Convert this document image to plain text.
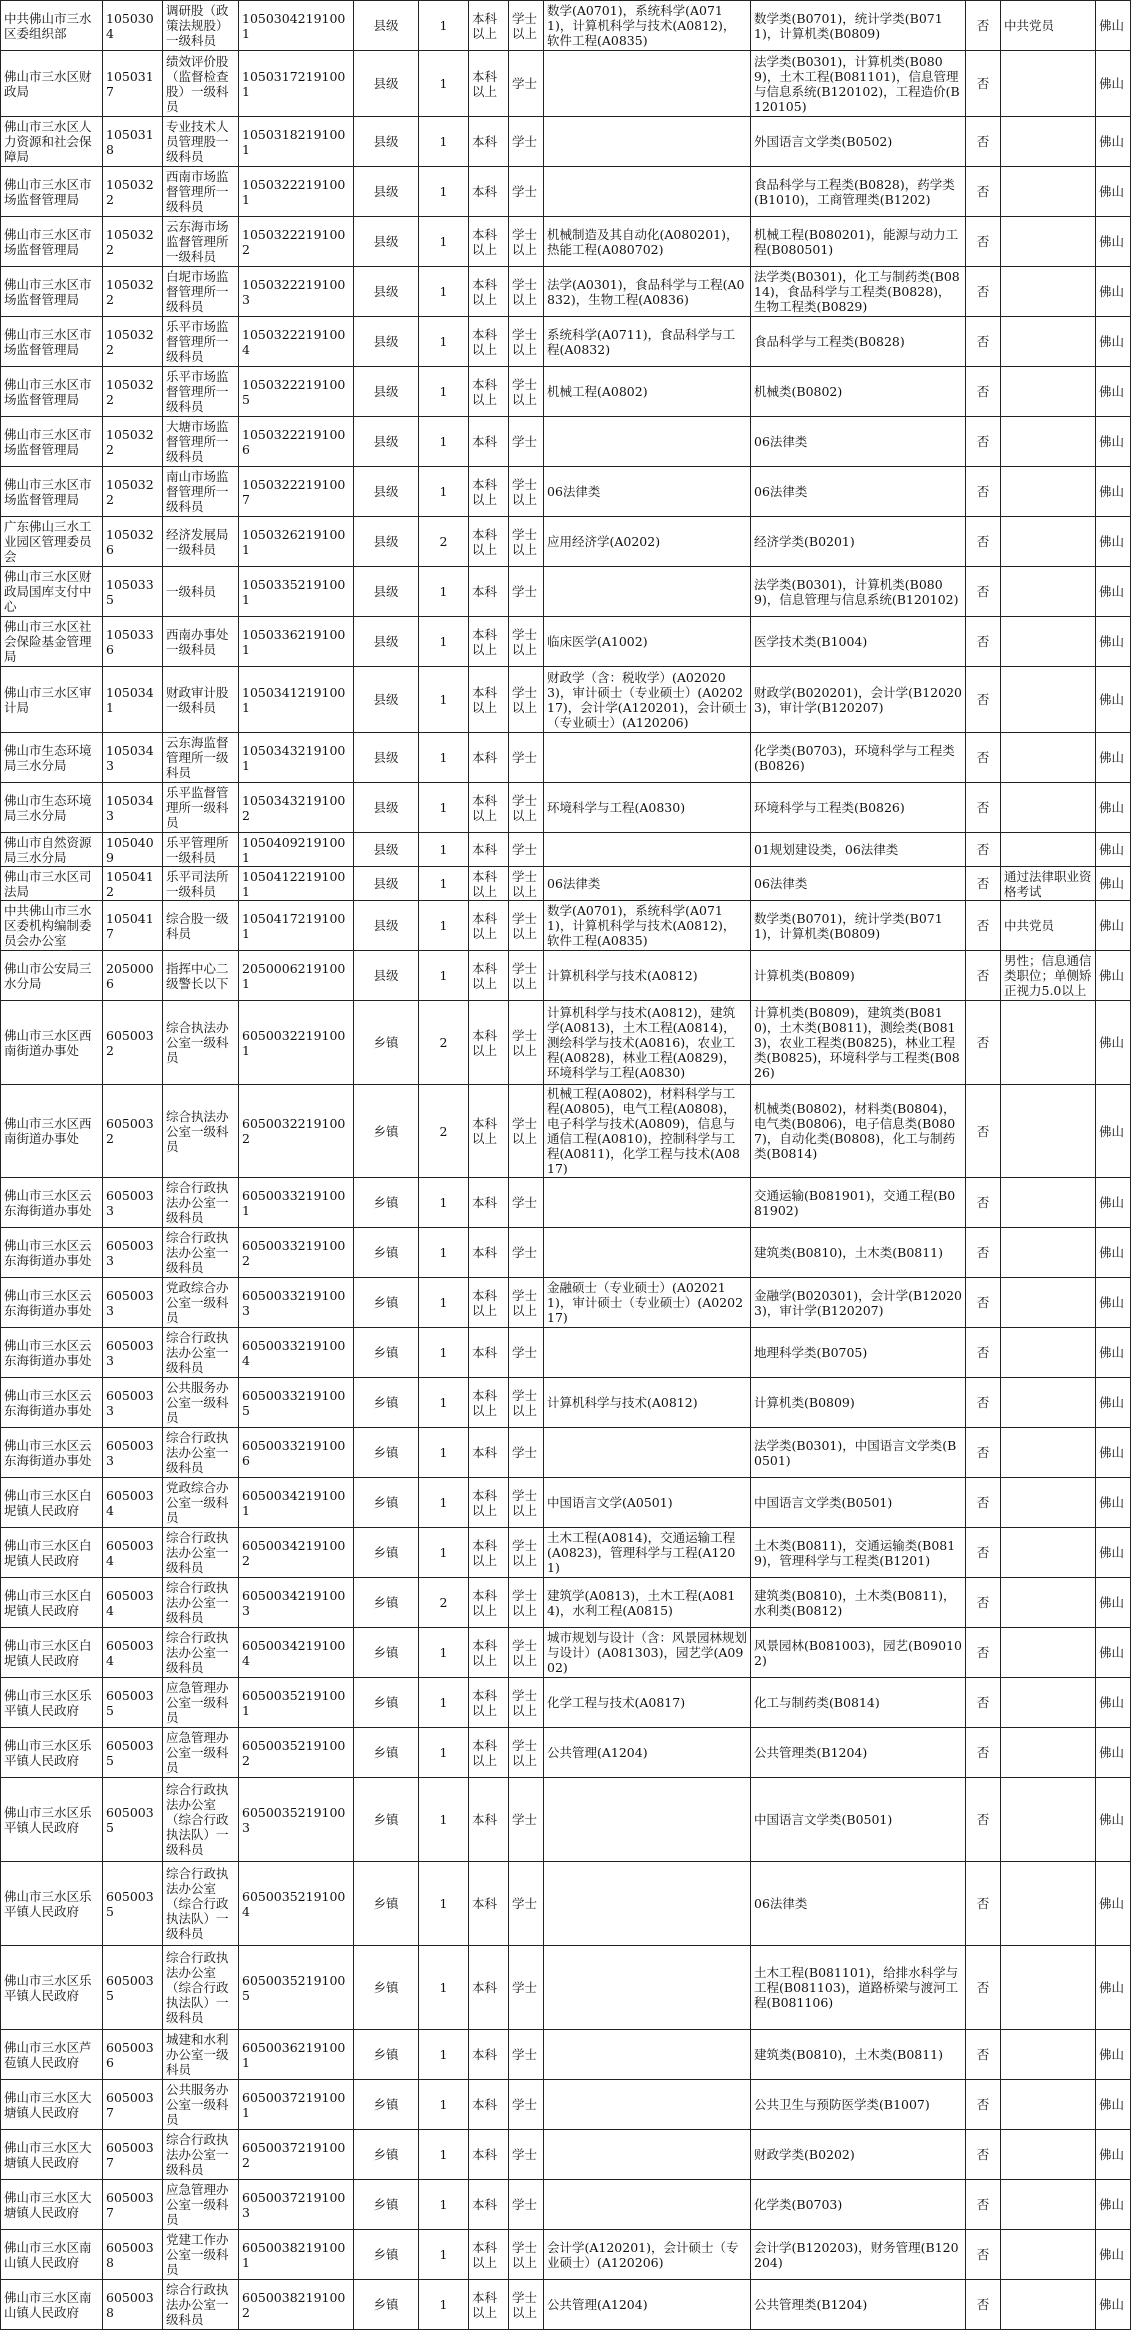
中共佛山市三水区委组织部	1050304	调研股（政策法规股）一级科员	10503042191001	县级	1	本科以上	学士以上	数学(A0701)，系统科学(A0711)，计算机科学与技术(A0812)，软件工程(A0835)	数学类(B0701)，统计学类(B0711)，计算机类(B0809)	否	中共党员	佛山
佛山市三水区财政局	1050317	绩效评价股（监督检查股）一级科员	10503172191001	县级	1	本科以上	学士		法学类(B0301)，计算机类(B0809)，土木工程(B081101)，信息管理与信息系统(B120102)，工程造价(B120105)	否		佛山
佛山市三水区人力资源和社会保障局	1050318	专业技术人员管理股一级科员	10503182191001	县级	1	本科	学士		外国语言文学类(B0502)	否		佛山
佛山市三水区市场监督管理局	1050322	西南市场监督管理所一级科员	10503222191001	县级	1	本科	学士		食品科学与工程类(B0828)，药学类(B1010)，工商管理类(B1202)	否		佛山
佛山市三水区市场监督管理局	1050322	云东海市场监督管理所一级科员	10503222191002	县级	1	本科以上	学士以上	机械制造及其自动化(A080201)，热能工程(A080702)	机械工程(B080201)，能源与动力工程(B080501)	否		佛山
佛山市三水区市场监督管理局	1050322	白坭市场监督管理所一级科员	10503222191003	县级	1	本科以上	学士以上	法学(A0301)，食品科学与工程(A0832)，生物工程(A0836)	法学类(B0301)，化工与制药类(B0814)，食品科学与工程类(B0828)，生物工程类(B0829)	否		佛山
佛山市三水区市场监督管理局	1050322	乐平市场监督管理所一级科员	10503222191004	县级	1	本科以上	学士以上	系统科学(A0711)，食品科学与工程(A0832)	食品科学与工程类(B0828)	否		佛山
佛山市三水区市场监督管理局	1050322	乐平市场监督管理所一级科员	10503222191005	县级	1	本科以上	学士以上	机械工程(A0802)	机械类(B0802)	否		佛山
佛山市三水区市场监督管理局	1050322	大塘市场监督管理所一级科员	10503222191006	县级	1	本科	学士		06法律类	否		佛山
佛山市三水区市场监督管理局	1050322	南山市场监督管理所一级科员	10503222191007	县级	1	本科以上	学士以上	06法律类	06法律类	否		佛山
广东佛山三水工业园区管理委员会	1050326	经济发展局一级科员	10503262191001	县级	2	本科以上	学士以上	应用经济学(A0202)	经济学类(B0201)	否		佛山
佛山市三水区财政局国库支付中心	1050335	一级科员	10503352191001	县级	1	本科	学士		法学类(B0301)，计算机类(B0809)，信息管理与信息系统(B120102)	否		佛山
佛山市三水区社会保险基金管理局	1050336	西南办事处一级科员	10503362191001	县级	1	本科以上	学士以上	临床医学(A1002)	医学技术类(B1004)	否		佛山
佛山市三水区审计局	1050341	财政审计股一级科员	10503412191001	县级	1	本科以上	学士以上	财政学（含：税收学）(A020203)，审计硕士（专业硕士）(A020217)，会计学(A120201)，会计硕士（专业硕士）(A120206)	财政学(B020201)，会计学(B120203)，审计学(B120207)	否		佛山
佛山市生态环境局三水分局	1050343	云东海监督管理所一级科员	10503432191001	县级	1	本科	学士		化学类(B0703)，环境科学与工程类(B0826)	否		佛山
佛山市生态环境局三水分局	1050343	乐平监督管理所一级科员	10503432191002	县级	1	本科以上	学士以上	环境科学与工程(A0830)	环境科学与工程类(B0826)	否		佛山
佛山市自然资源局三水分局	1050409	乐平管理所一级科员	10504092191001	县级	1	本科	学士		01规划建设类，06法律类	否		佛山
佛山市三水区司法局	1050412	乐平司法所一级科员	10504122191001	县级	1	本科以上	学士以上	06法律类	06法律类	否	通过法律职业资格考试	佛山
中共佛山市三水区委机构编制委员会办公室	1050417	综合股一级科员	10504172191001	县级	1	本科以上	学士以上	数学(A0701)，系统科学(A0711)，计算机科学与技术(A0812)，软件工程(A0835)	数学类(B0701)，统计学类(B0711)，计算机类(B0809)	否	中共党员	佛山
佛山市公安局三水分局	2050006	指挥中心二级警长以下	20500062191001	县级	1	本科以上	学士以上	计算机科学与技术(A0812)	计算机类(B0809)	否	男性；信息通信类职位；单侧矫正视力5.0以上	佛山
佛山市三水区西南街道办事处	6050032	综合执法办公室一级科员	60500322191001	乡镇	2	本科以上	学士以上	计算机科学与技术(A0812)，建筑学(A0813)，土木工程(A0814)，测绘科学与技术(A0816)，农业工程(A0828)，林业工程(A0829)，环境科学与工程(A0830)	计算机类(B0809)，建筑类(B0810)，土木类(B0811)，测绘类(B0813)，农业工程类(B0825)，林业工程类(B0825)，环境科学与工程类(B0826)	否		佛山
佛山市三水区西南街道办事处	6050032	综合执法办公室一级科员	60500322191002	乡镇	2	本科以上	学士以上	机械工程(A0802)，材料科学与工程(A0805)，电气工程(A0808)，电子科学与技术(A0809)，信息与通信工程(A0810)，控制科学与工程(A0811)，化学工程与技术(A0817)	机械类(B0802)，材料类(B0804)，电气类(B0806)，电子信息类(B0807)，自动化类(B0808)，化工与制药类(B0814)	否		佛山
佛山市三水区云东海街道办事处	6050033	综合行政执法办公室一级科员	60500332191001	乡镇	1	本科	学士		交通运输(B081901)，交通工程(B081902)	否		佛山
佛山市三水区云东海街道办事处	6050033	综合行政执法办公室一级科员	60500332191002	乡镇	1	本科	学士		建筑类(B0810)，土木类(B0811)	否		佛山
佛山市三水区云东海街道办事处	6050033	党政综合办公室一级科员	60500332191003	乡镇	1	本科以上	学士以上	金融硕士（专业硕士）(A020211)，审计硕士（专业硕士）(A020217)	金融学(B020301)，会计学(B120203)，审计学(B120207)	否		佛山
佛山市三水区云东海街道办事处	6050033	综合行政执法办公室一级科员	60500332191004	乡镇	1	本科	学士		地理科学类(B0705)	否		佛山
佛山市三水区云东海街道办事处	6050033	公共服务办公室一级科员	60500332191005	乡镇	1	本科以上	学士以上	计算机科学与技术(A0812)	计算机类(B0809)	否		佛山
佛山市三水区云东海街道办事处	6050033	综合行政执法办公室一级科员	60500332191006	乡镇	1	本科	学士		法学类(B0301)，中国语言文学类(B0501)	否		佛山
佛山市三水区白坭镇人民政府	6050034	党政综合办公室一级科员	60500342191001	乡镇	1	本科以上	学士以上	中国语言文学(A0501)	中国语言文学类(B0501)	否		佛山
佛山市三水区白坭镇人民政府	6050034	综合行政执法办公室一级科员	60500342191002	乡镇	1	本科以上	学士以上	土木工程(A0814)，交通运输工程(A0823)，管理科学与工程(A1201)	土木类(B0811)，交通运输类(B0819)，管理科学与工程类(B1201)	否		佛山
佛山市三水区白坭镇人民政府	6050034	综合行政执法办公室一级科员	60500342191003	乡镇	2	本科以上	学士以上	建筑学(A0813)，土木工程(A0814)，水利工程(A0815)	建筑类(B0810)，土木类(B0811)，水利类(B0812)	否		佛山
佛山市三水区白坭镇人民政府	6050034	综合行政执法办公室一级科员	60500342191004	乡镇	1	本科以上	学士以上	城市规划与设计（含：风景园林规划与设计）(A081303)，园艺学(A0902)	风景园林(B081003)，园艺(B090102)	否		佛山
佛山市三水区乐平镇人民政府	6050035	应急管理办公室一级科员	60500352191001	乡镇	1	本科以上	学士以上	化学工程与技术(A0817)	化工与制药类(B0814)	否		佛山
佛山市三水区乐平镇人民政府	6050035	应急管理办公室一级科员	60500352191002	乡镇	1	本科以上	学士以上	公共管理(A1204)	公共管理类(B1204)	否		佛山
佛山市三水区乐平镇人民政府	6050035	综合行政执法办公室（综合行政执法队）一级科员	60500352191003	乡镇	1	本科	学士		中国语言文学类(B0501)	否		佛山
佛山市三水区乐平镇人民政府	6050035	综合行政执法办公室（综合行政执法队）一级科员	60500352191004	乡镇	1	本科	学士		06法律类	否		佛山
佛山市三水区乐平镇人民政府	6050035	综合行政执法办公室（综合行政执法队）一级科员	60500352191005	乡镇	1	本科	学士		土木工程(B081101)，给排水科学与工程(B081103)，道路桥梁与渡河工程(B081106)	否		佛山
佛山市三水区芦苞镇人民政府	6050036	城建和水利办公室一级科员	60500362191001	乡镇	1	本科	学士		建筑类(B0810)，土木类(B0811)	否		佛山
佛山市三水区大塘镇人民政府	6050037	公共服务办公室一级科员	60500372191001	乡镇	1	本科	学士		公共卫生与预防医学类(B1007)	否		佛山
佛山市三水区大塘镇人民政府	6050037	综合行政执法办公室一级科员	60500372191002	乡镇	1	本科	学士		财政学类(B0202)	否		佛山
佛山市三水区大塘镇人民政府	6050037	应急管理办公室一级科员	60500372191003	乡镇	1	本科	学士		化学类(B0703)	否		佛山
佛山市三水区南山镇人民政府	6050038	党建工作办公室一级科员	60500382191001	乡镇	1	本科以上	学士以上	会计学(A120201)，会计硕士（专业硕士）(A120206)	会计学(B120203)，财务管理(B120204)	否		佛山
佛山市三水区南山镇人民政府	6050038	综合行政执法办公室一级科员	60500382191002	乡镇	1	本科以上	学士以上	公共管理(A1204)	公共管理类(B1204)	否		佛山
